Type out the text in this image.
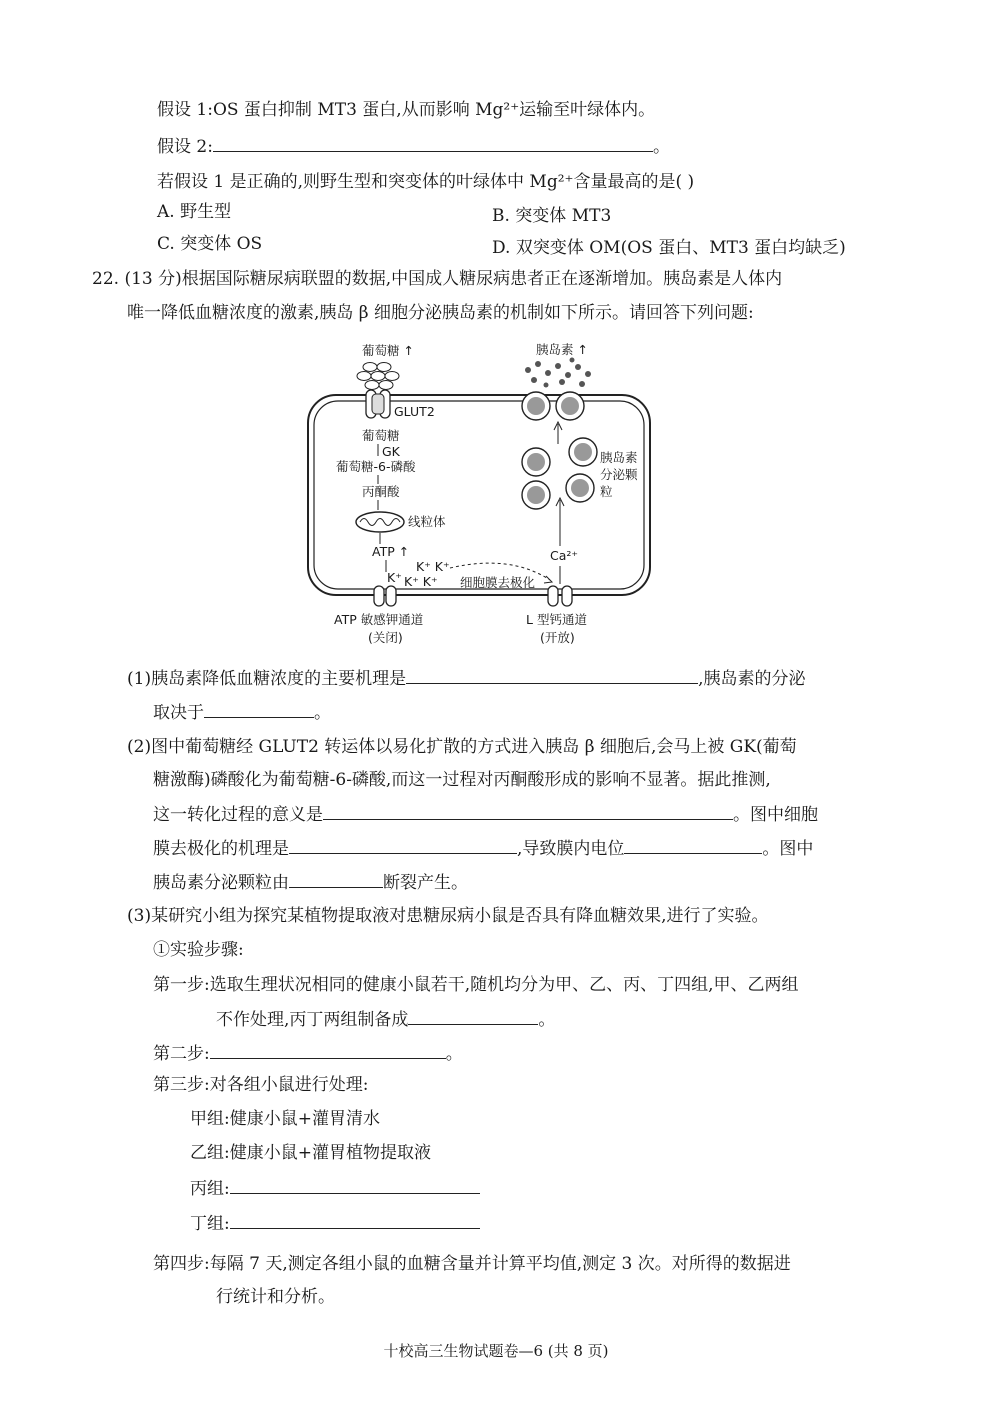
假设 1:OS 蛋白抑制 MT3 蛋白,从而影响 Mg²⁺运输至叶绿体内。
假设 2:	。
若假设 1 是正确的,则野生型和突变体的叶绿体中 Mg²⁺含量最高的是( )
A. 野生型	B. 突变体 MT3
C. 突变体 OS	D. 双突变体 OM(OS 蛋白、MT3 蛋白均缺乏)
22. (13 分)根据国际糖尿病联盟的数据,中国成人糖尿病患者正在逐渐增加。胰岛素是人体内
唯一降低血糖浓度的激素,胰岛 β 细胞分泌胰岛素的机制如下所示。请回答下列问题:
葡萄糖 ↑
GLUT2
葡萄糖
GK
葡萄糖-6-磷酸
丙酮酸
线粒体
ATP ↑
K⁺
K⁺ K⁺
K⁺ K⁺ 细胞膜去极化
ATP 敏感钾通道
(关闭)
L 型钙通道
(开放)
Ca²⁺
胰岛素 ↑
胰岛素
分泌颗
粒
(1)胰岛素降低血糖浓度的主要机理是	,胰岛素的分泌
取决于	。
(2)图中葡萄糖经 GLUT2 转运体以易化扩散的方式进入胰岛 β 细胞后,会马上被 GK(葡萄
糖激酶)磷酸化为葡萄糖-6-磷酸,而这一过程对丙酮酸形成的影响不显著。据此推测,
这一转化过程的意义是	。图中细胞
膜去极化的机理是	,导致膜内电位	。图中
胰岛素分泌颗粒由	断裂产生。
(3)某研究小组为探究某植物提取液对患糖尿病小鼠是否具有降血糖效果,进行了实验。
①实验步骤:
第一步:选取生理状况相同的健康小鼠若干,随机均分为甲、乙、丙、丁四组,甲、乙两组
不作处理,丙丁两组制备成	。
第二步:	。
第三步:对各组小鼠进行处理:
甲组:健康小鼠+灌胃清水
乙组:健康小鼠+灌胃植物提取液
丙组:
丁组:
第四步:每隔 7 天,测定各组小鼠的血糖含量并计算平均值,测定 3 次。对所得的数据进
行统计和分析。
十校高三生物试题卷—6 (共 8 页)
